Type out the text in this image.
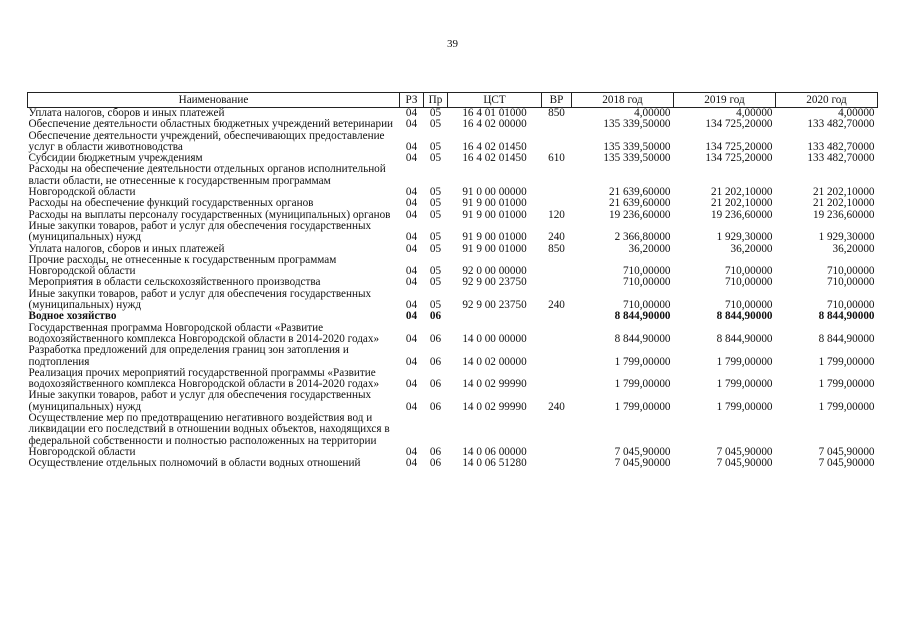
39
Наименование	РЗ	Пр	ЦСТ	ВР	2018 год	2019 год	2020 год
Уплата налогов, сборов и иных платежей	04	05	16 4 01 01000	850	4,00000	4,00000	4,00000
Обеспечение деятельности областных бюджетных учреждений ветеринарии	04	05	16 4 02 00000		135 339,50000	134 725,20000	133 482,70000
Обеспечение деятельности учреждений, обеспечивающих предоставление услуг в области животноводства	04	05	16 4 02 01450		135 339,50000	134 725,20000	133 482,70000
Субсидии бюджетным учреждениям	04	05	16 4 02 01450	610	135 339,50000	134 725,20000	133 482,70000
Расходы на обеспечение деятельности отдельных органов исполнительной власти области, не отнесенные к государственным программам Новгородской области	04	05	91 0 00 00000		21 639,60000	21 202,10000	21 202,10000
Расходы на обеспечение функций государственных органов	04	05	91 9 00 01000		21 639,60000	21 202,10000	21 202,10000
Расходы на выплаты персоналу государственных (муниципальных) органов	04	05	91 9 00 01000	120	19 236,60000	19 236,60000	19 236,60000
Иные закупки товаров, работ и услуг для обеспечения государственных (муниципальных) нужд	04	05	91 9 00 01000	240	2 366,80000	1 929,30000	1 929,30000
Уплата налогов, сборов и иных платежей	04	05	91 9 00 01000	850	36,20000	36,20000	36,20000
Прочие расходы, не отнесенные к государственным программам Новгородской области	04	05	92 0 00 00000		710,00000	710,00000	710,00000
Мероприятия в области сельскохозяйственного производства	04	05	92 9 00 23750		710,00000	710,00000	710,00000
Иные закупки товаров, работ и услуг для обеспечения государственных (муниципальных) нужд	04	05	92 9 00 23750	240	710,00000	710,00000	710,00000
Водное хозяйство	04	06			8 844,90000	8 844,90000	8 844,90000
Государственная программа Новгородской области «Развитие водохозяйственного комплекса Новгородской области в 2014-2020 годах»	04	06	14 0 00 00000		8 844,90000	8 844,90000	8 844,90000
Разработка предложений для определения границ зон затопления и подтопления	04	06	14 0 02 00000		1 799,00000	1 799,00000	1 799,00000
Реализация прочих мероприятий государственной программы «Развитие водохозяйственного комплекса Новгородской области в 2014-2020 годах»	04	06	14 0 02 99990		1 799,00000	1 799,00000	1 799,00000
Иные закупки товаров, работ и услуг для обеспечения государственных (муниципальных) нужд	04	06	14 0 02 99990	240	1 799,00000	1 799,00000	1 799,00000
Осуществление мер по предотвращению негативного воздействия вод и ликвидации его последствий в отношении водных объектов, находящихся в федеральной собственности и полностью расположенных на территории Новгородской области	04	06	14 0 06 00000		7 045,90000	7 045,90000	7 045,90000
Осуществление отдельных полномочий в области водных отношений	04	06	14 0 06 51280		7 045,90000	7 045,90000	7 045,90000
